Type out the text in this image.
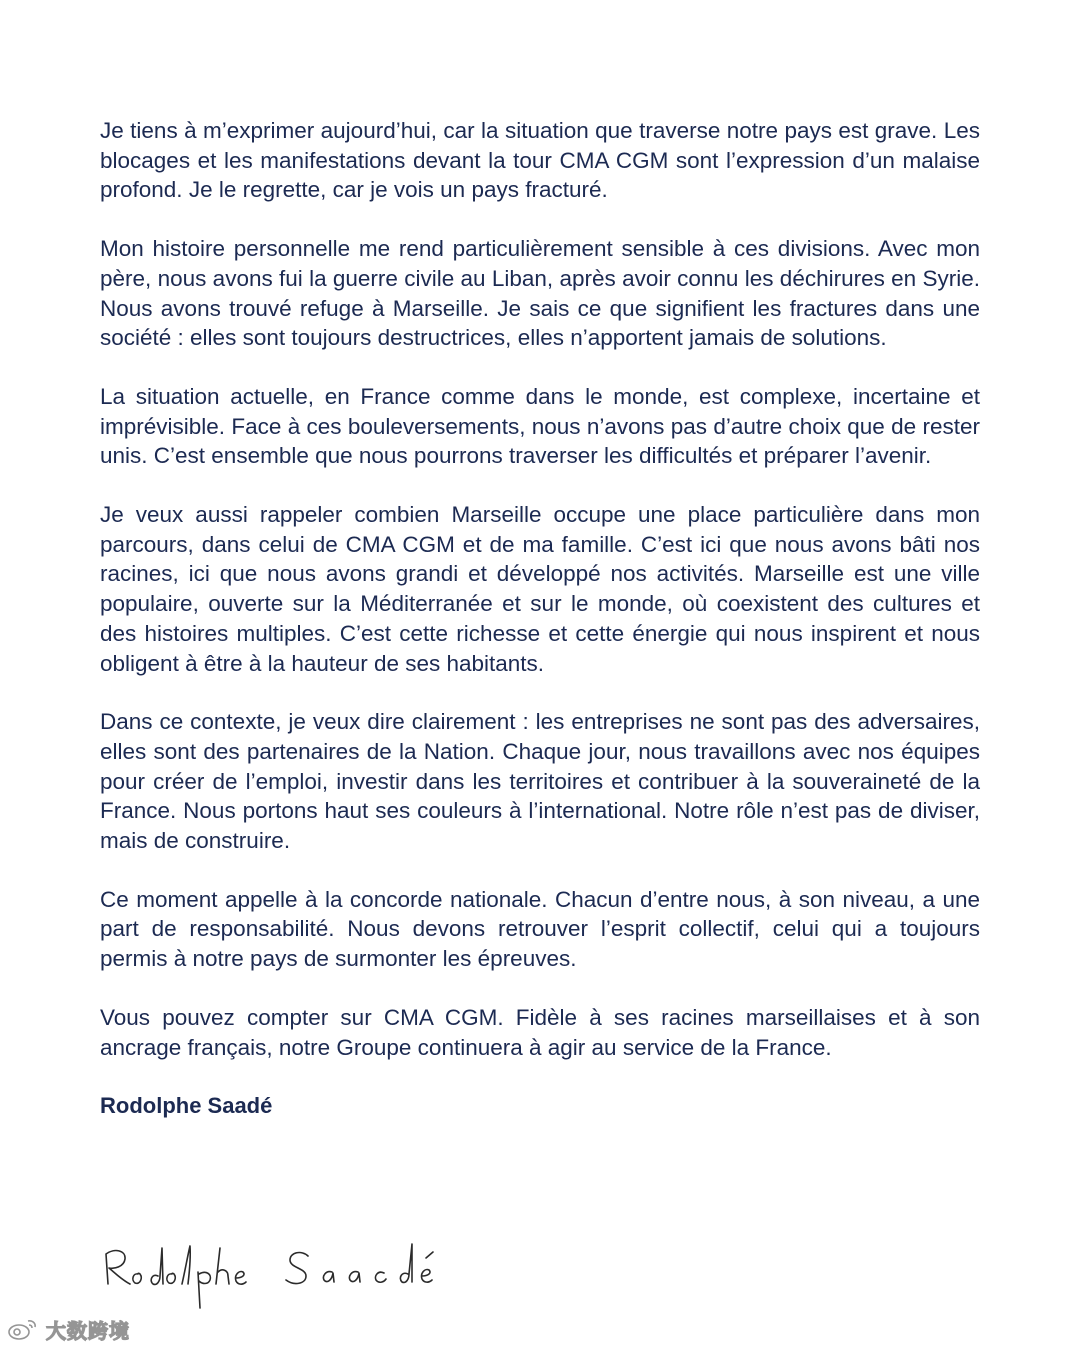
Je tiens à m’exprimer aujourd’hui, car la situation que traverse notre pays est grave. Les blocages et les manifestations devant la tour CMA CGM sont l’expression d’un malaise profond. Je le regrette, car je vois un pays fracturé.

Mon histoire personnelle me rend particulièrement sensible à ces divisions. Avec mon père, nous avons fui la guerre civile au Liban, après avoir connu les déchirures en Syrie. Nous avons trouvé refuge à Marseille. Je sais ce que signifient les fractures dans une société : elles sont toujours destructrices, elles n’apportent jamais de solutions.

La situation actuelle, en France comme dans le monde, est complexe, incertaine et imprévisible. Face à ces bouleversements, nous n’avons pas d’autre choix que de rester unis. C’est ensemble que nous pourrons traverser les difficultés et préparer l’avenir.

Je veux aussi rappeler combien Marseille occupe une place particulière dans mon parcours, dans celui de CMA CGM et de ma famille. C’est ici que nous avons bâti nos racines, ici que nous avons grandi et développé nos activités. Marseille est une ville populaire, ouverte sur la Méditerranée et sur le monde, où coexistent des cultures et des histoires multiples. C’est cette richesse et cette énergie qui nous inspirent et nous obligent à être à la hauteur de ses habitants.

Dans ce contexte, je veux dire clairement : les entreprises ne sont pas des adversaires, elles sont des partenaires de la Nation. Chaque jour, nous travaillons avec nos équipes pour créer de l’emploi, investir dans les territoires et contribuer à la souveraineté de la France. Nous portons haut ses couleurs à l’international. Notre rôle n’est pas de diviser, mais de construire.

Ce moment appelle à la concorde nationale. Chacun d’entre nous, à son niveau, a une part de responsabilité. Nous devons retrouver l’esprit collectif, celui qui a toujours permis à notre pays de surmonter les épreuves.

Vous pouvez compter sur CMA CGM. Fidèle à ses racines marseillaises et à son ancrage français, notre Groupe continuera à agir au service de la France.

Rodolphe Saadé

大数跨境
